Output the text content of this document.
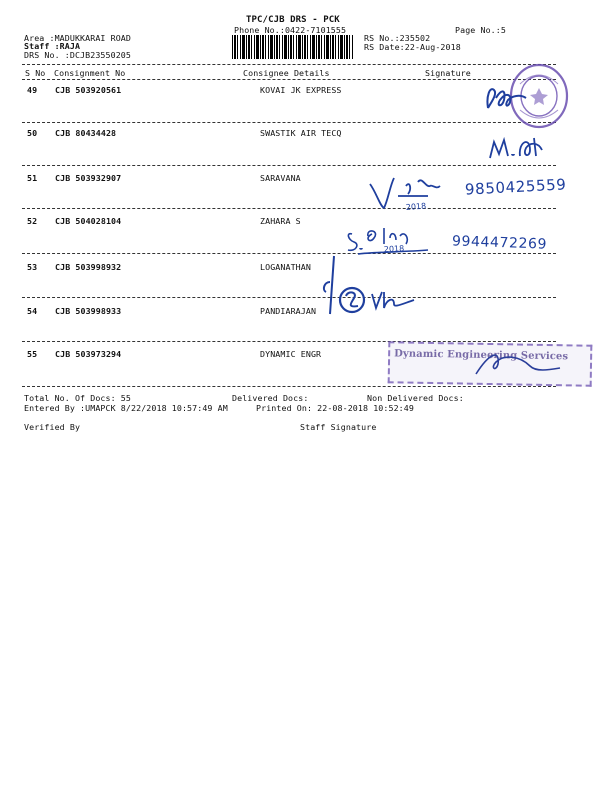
TPC/CJB DRS - PCK
Phone No.:0422-7101555	Page No.:5
Area :MADUKKARAI ROAD
Staff :RAJA
DRS No. :DCJB23550205
RS No.:235502
RS Date:22-Aug-2018
S No Consignment No	Consignee Details	Signature
49 CJB 503920561	KOVAI JK EXPRESS
50 CJB 80434428	SWASTIK AIR TECQ
51 CJB 503932907	SARAVANA
52 CJB 504028104	ZAHARA S
53 CJB 503998932	LOGANATHAN
54 CJB 503998933	PANDIARAJAN
55 CJB 503973294	DYNAMIC ENGR
Total No. Of Docs: 55	Delivered Docs:	Non Delivered Docs:
Entered By :UMAPCK 8/22/2018 10:57:49 AM	Printed On: 22-08-2018 10:52:49
Verified By	Staff Signature
2018
9850425559
2018	9944472269
Dynamic Engineering Services
